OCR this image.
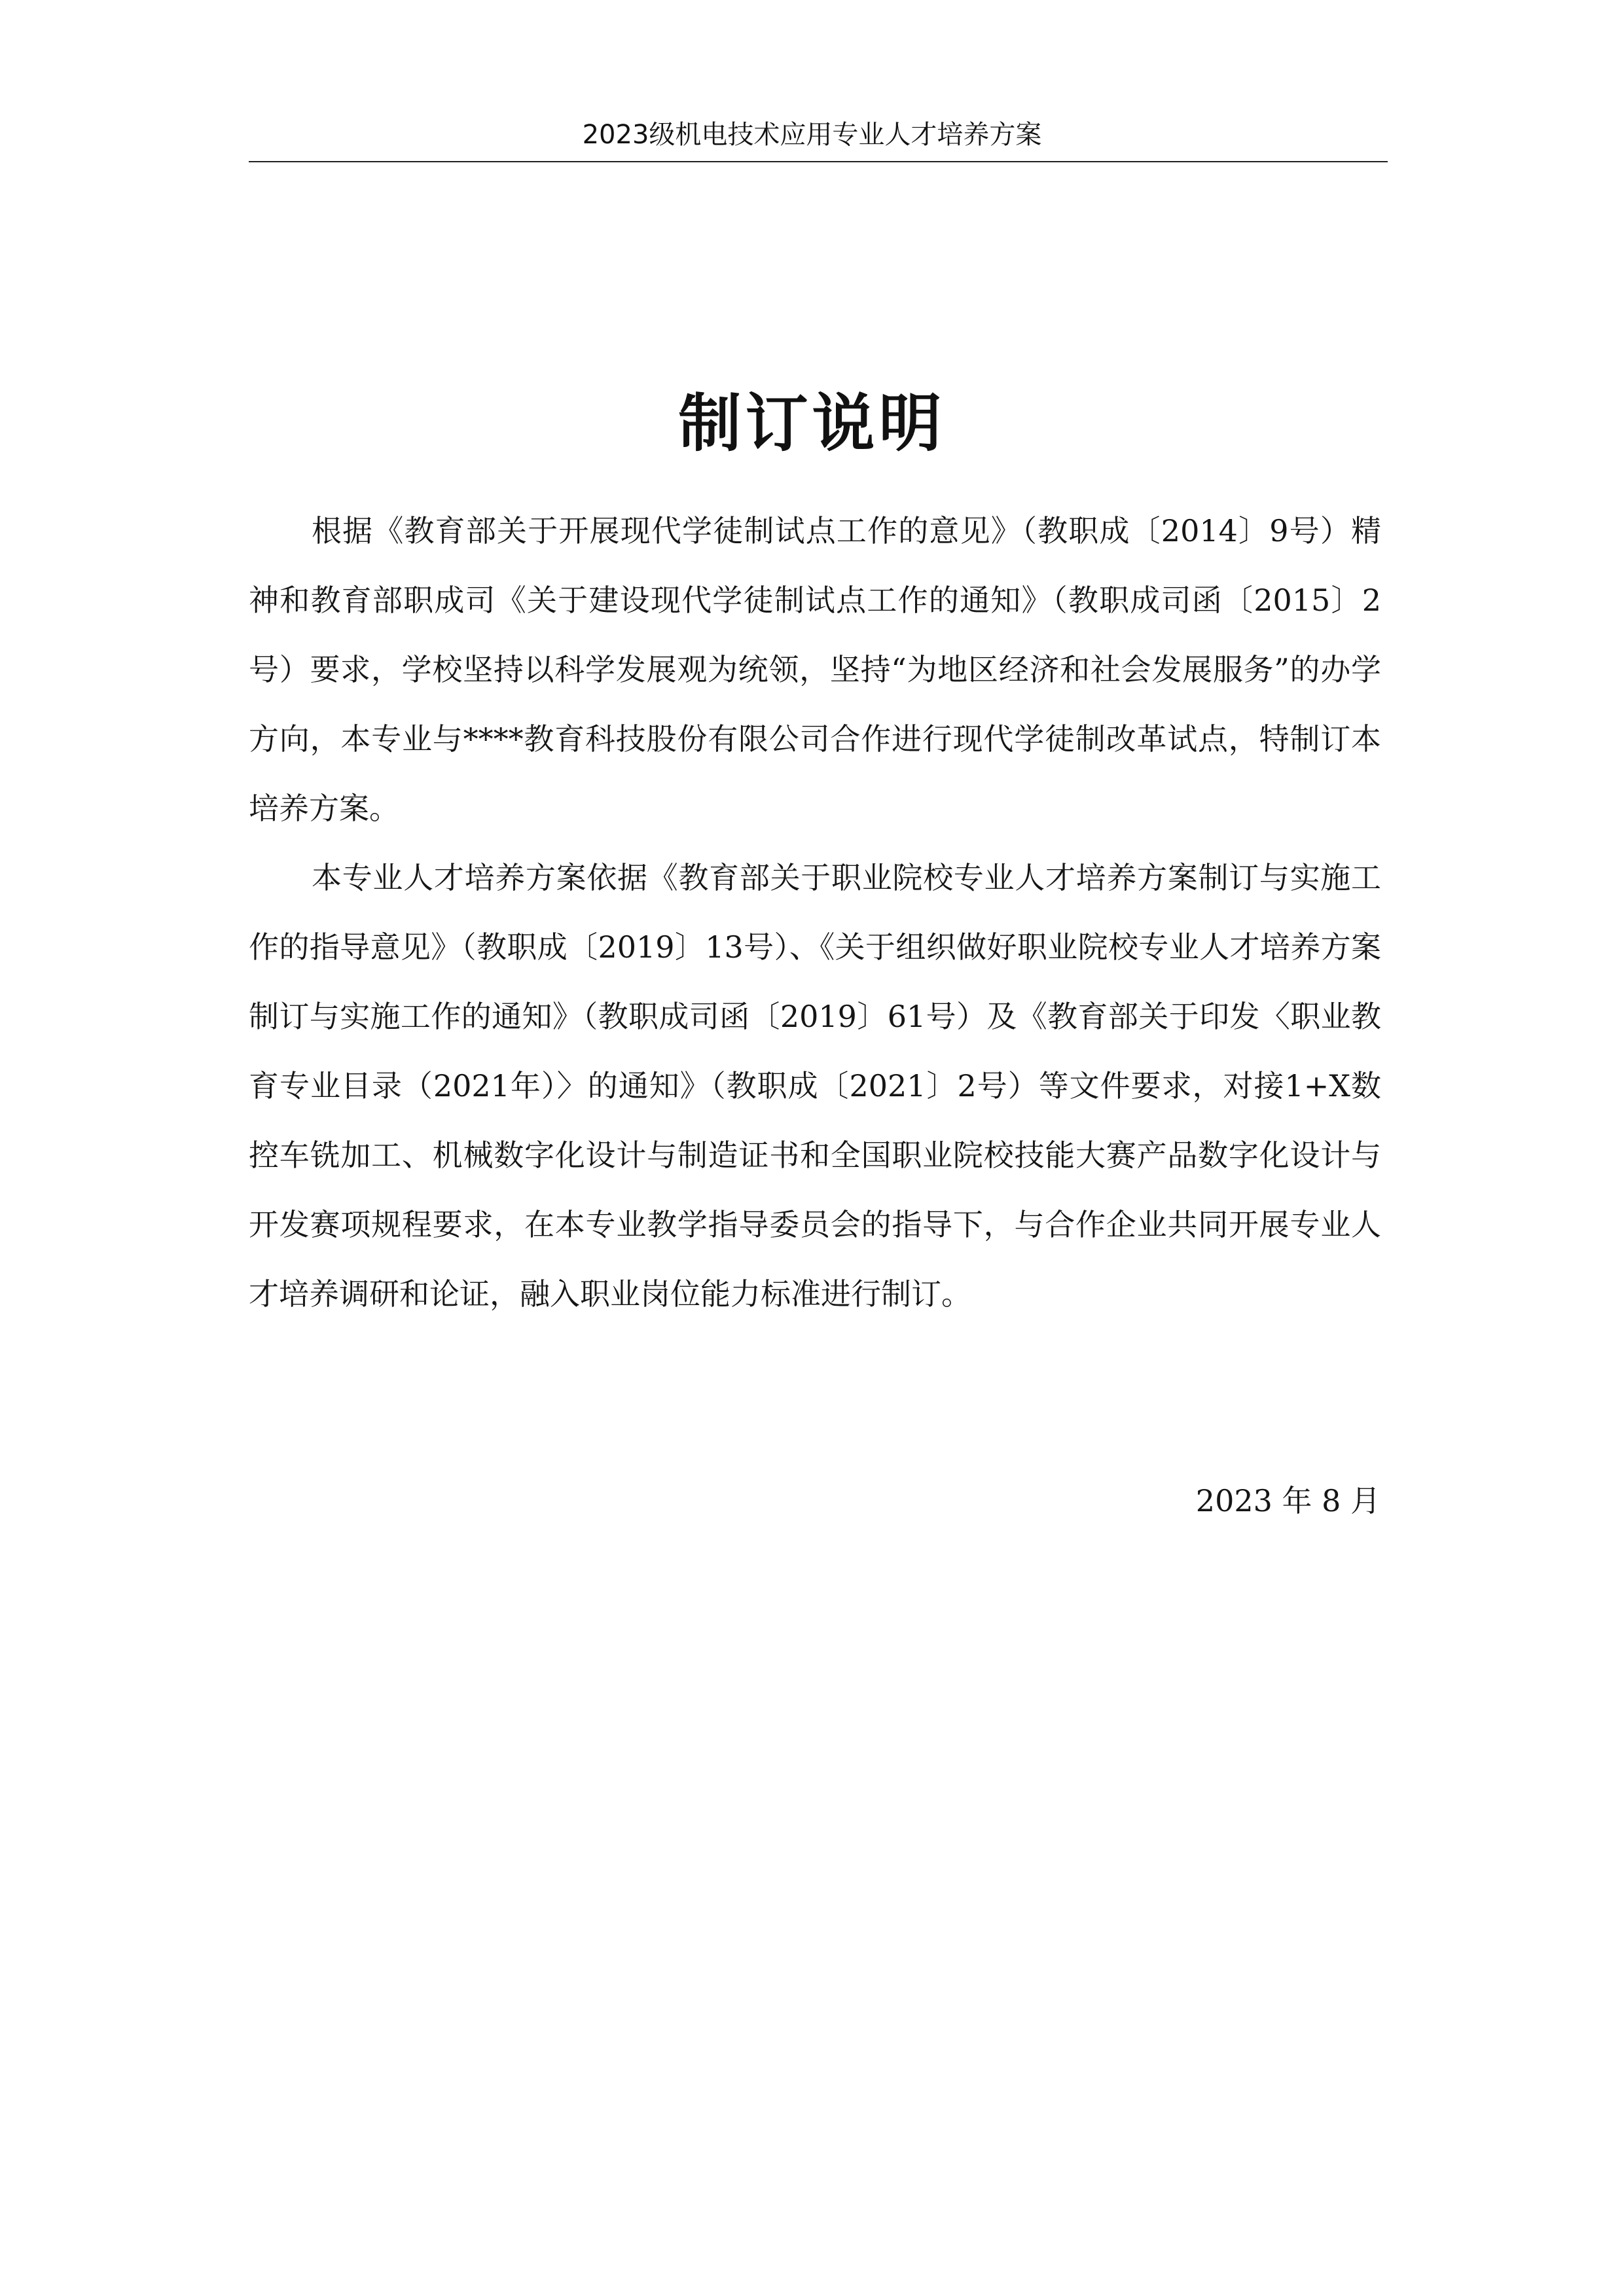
2023级机电技术应用专业人才培养方案
制订说明

根据《教育部关于开展现代学徒制试点工作的意见》（教职成〔2014〕9号）精神和教育部职成司《关于建设现代学徒制试点工作的通知》（教职成司函〔2015〕2号）要求，学校坚持以科学发展观为统领，坚持“为地区经济和社会发展服务”的办学方向，本专业与****教育科技股份有限公司合作进行现代学徒制改革试点，特制订本培养方案。

本专业人才培养方案依据《教育部关于职业院校专业人才培养方案制订与实施工作的指导意见》（教职成〔2019〕13号）、《关于组织做好职业院校专业人才培养方案制订与实施工作的通知》（教职成司函〔2019〕61号）及《教育部关于印发〈职业教育专业目录（2021年）〉的通知》（教职成〔2021〕2号）等文件要求，对接1+X数控车铣加工、机械数字化设计与制造证书和全国职业院校技能大赛产品数字化设计与开发赛项规程要求，在本专业教学指导委员会的指导下，与合作企业共同开展专业人才培养调研和论证，融入职业岗位能力标准进行制订。

2023 年 8 月
